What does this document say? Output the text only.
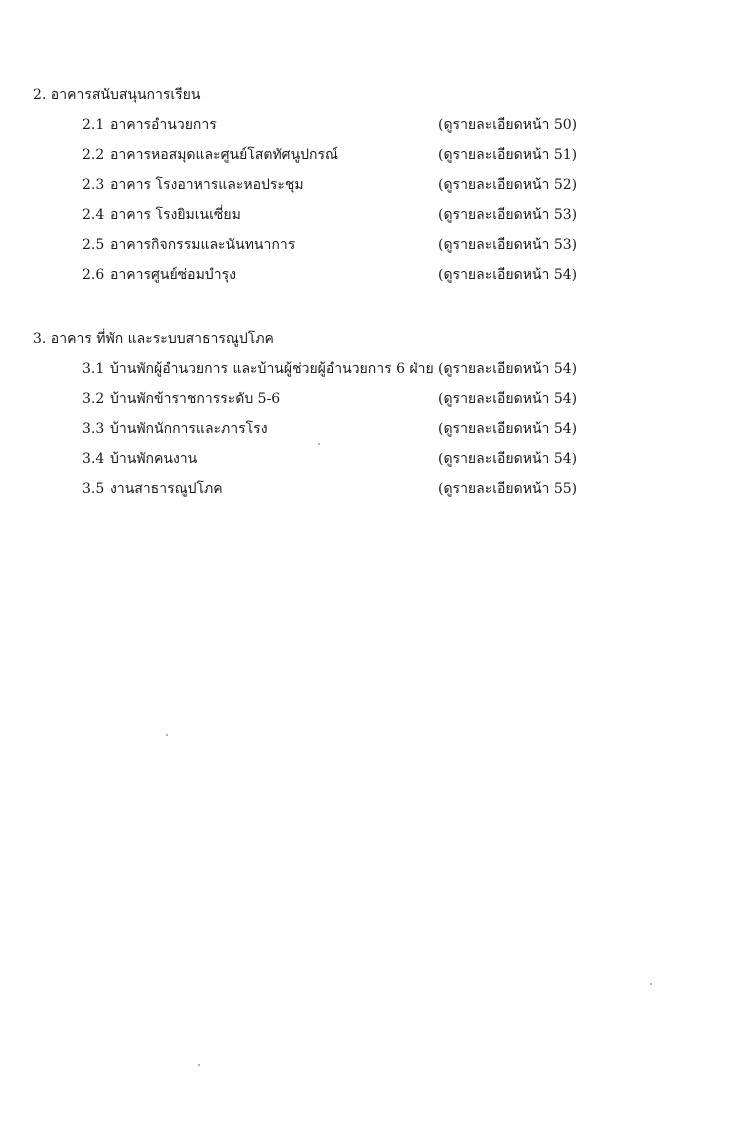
2. อาคารสนับสนุนการเรียน
2.1 อาคารอำนวยการ	(ดูรายละเอียดหน้า 50)
2.2 อาคารหอสมุดและศูนย์โสตทัศนูปกรณ์	(ดูรายละเอียดหน้า 51)
2.3 อาคาร โรงอาหารและหอประชุม	(ดูรายละเอียดหน้า 52)
2.4 อาคาร โรงยิมเนเซี่ยม	(ดูรายละเอียดหน้า 53)
2.5 อาคารกิจกรรมและนันทนาการ	(ดูรายละเอียดหน้า 53)
2.6 อาคารศูนย์ซ่อมบำรุง	(ดูรายละเอียดหน้า 54)
3. อาคาร ที่พัก และระบบสาธารณูปโภค
3.1 บ้านพักผู้อำนวยการ และบ้านผู้ช่วยผู้อำนวยการ 6 ฝ่าย (ดูรายละเอียดหน้า 54)
3.2 บ้านพักข้าราชการระดับ 5-6	(ดูรายละเอียดหน้า 54)
3.3 บ้านพักนักการและภารโรง	(ดูรายละเอียดหน้า 54)
3.4 บ้านพักคนงาน	(ดูรายละเอียดหน้า 54)
3.5 งานสาธารณูปโภค	(ดูรายละเอียดหน้า 55)
